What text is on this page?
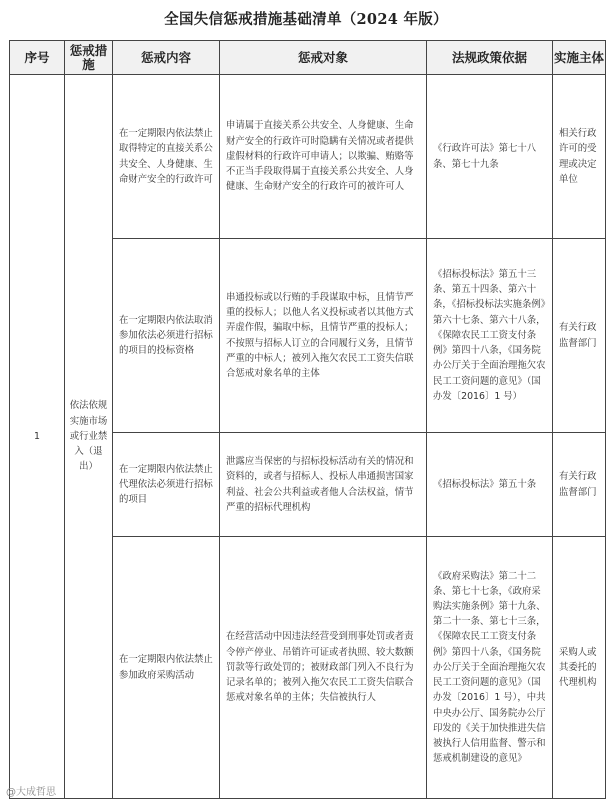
全国失信惩戒措施基础清单（2024 年版）
序号	惩戒措施	惩戒内容	惩戒对象	法规政策依据	实施主体
1	依法依规实施市场或行业禁入（退出）	在一定期限内依法禁止取得特定的直接关系公共安全、人身健康、生命财产安全的行政许可	申请属于直接关系公共安全、人身健康、生命财产安全的行政许可时隐瞒有关情况或者提供虚假材料的行政许可申请人；以欺骗、贿赂等不正当手段取得属于直接关系公共安全、人身健康、生命财产安全的行政许可的被许可人	《行政许可法》第七十八条、第七十九条	相关行政许可的受理或决定单位
		在一定期限内依法取消参加依法必须进行招标的项目的投标资格	串通投标或以行贿的手段谋取中标，且情节严重的投标人；以他人名义投标或者以其他方式弄虚作假，骗取中标，且情节严重的投标人；不按照与招标人订立的合同履行义务，且情节严重的中标人；被列入拖欠农民工工资失信联合惩戒对象名单的主体	《招标投标法》第五十三条、第五十四条、第六十条，《招标投标法实施条例》第六十七条、第六十八条，《保障农民工工资支付条例》第四十八条，《国务院办公厅关于全面治理拖欠农民工工资问题的意见》（国办发〔2016〕1 号）	有关行政监督部门
		在一定期限内依法禁止代理依法必须进行招标的项目	泄露应当保密的与招标投标活动有关的情况和资料的，或者与招标人、投标人串通损害国家利益、社会公共利益或者他人合法权益，情节严重的招标代理机构	《招标投标法》第五十条	有关行政监督部门
		在一定期限内依法禁止参加政府采购活动	在经营活动中因违法经营受到刑事处罚或者责令停产停业、吊销许可证或者执照、较大数额罚款等行政处罚的；被财政部门列入不良行为记录名单的；被列入拖欠农民工工资失信联合惩戒对象名单的主体；失信被执行人	《政府采购法》第二十二条、第七十七条，《政府采购法实施条例》第十九条、第二十一条、第七十三条，《保障农民工工资支付条例》第四十八条，《国务院办公厅关于全面治理拖欠农民工工资问题的意见》（国办发〔2016〕1 号），中共中央办公厅、国务院办公厅印发的《关于加快推进失信被执行人信用监督、警示和惩戒机制建设的意见》	采购人或其委托的代理机构
@大成哲思
